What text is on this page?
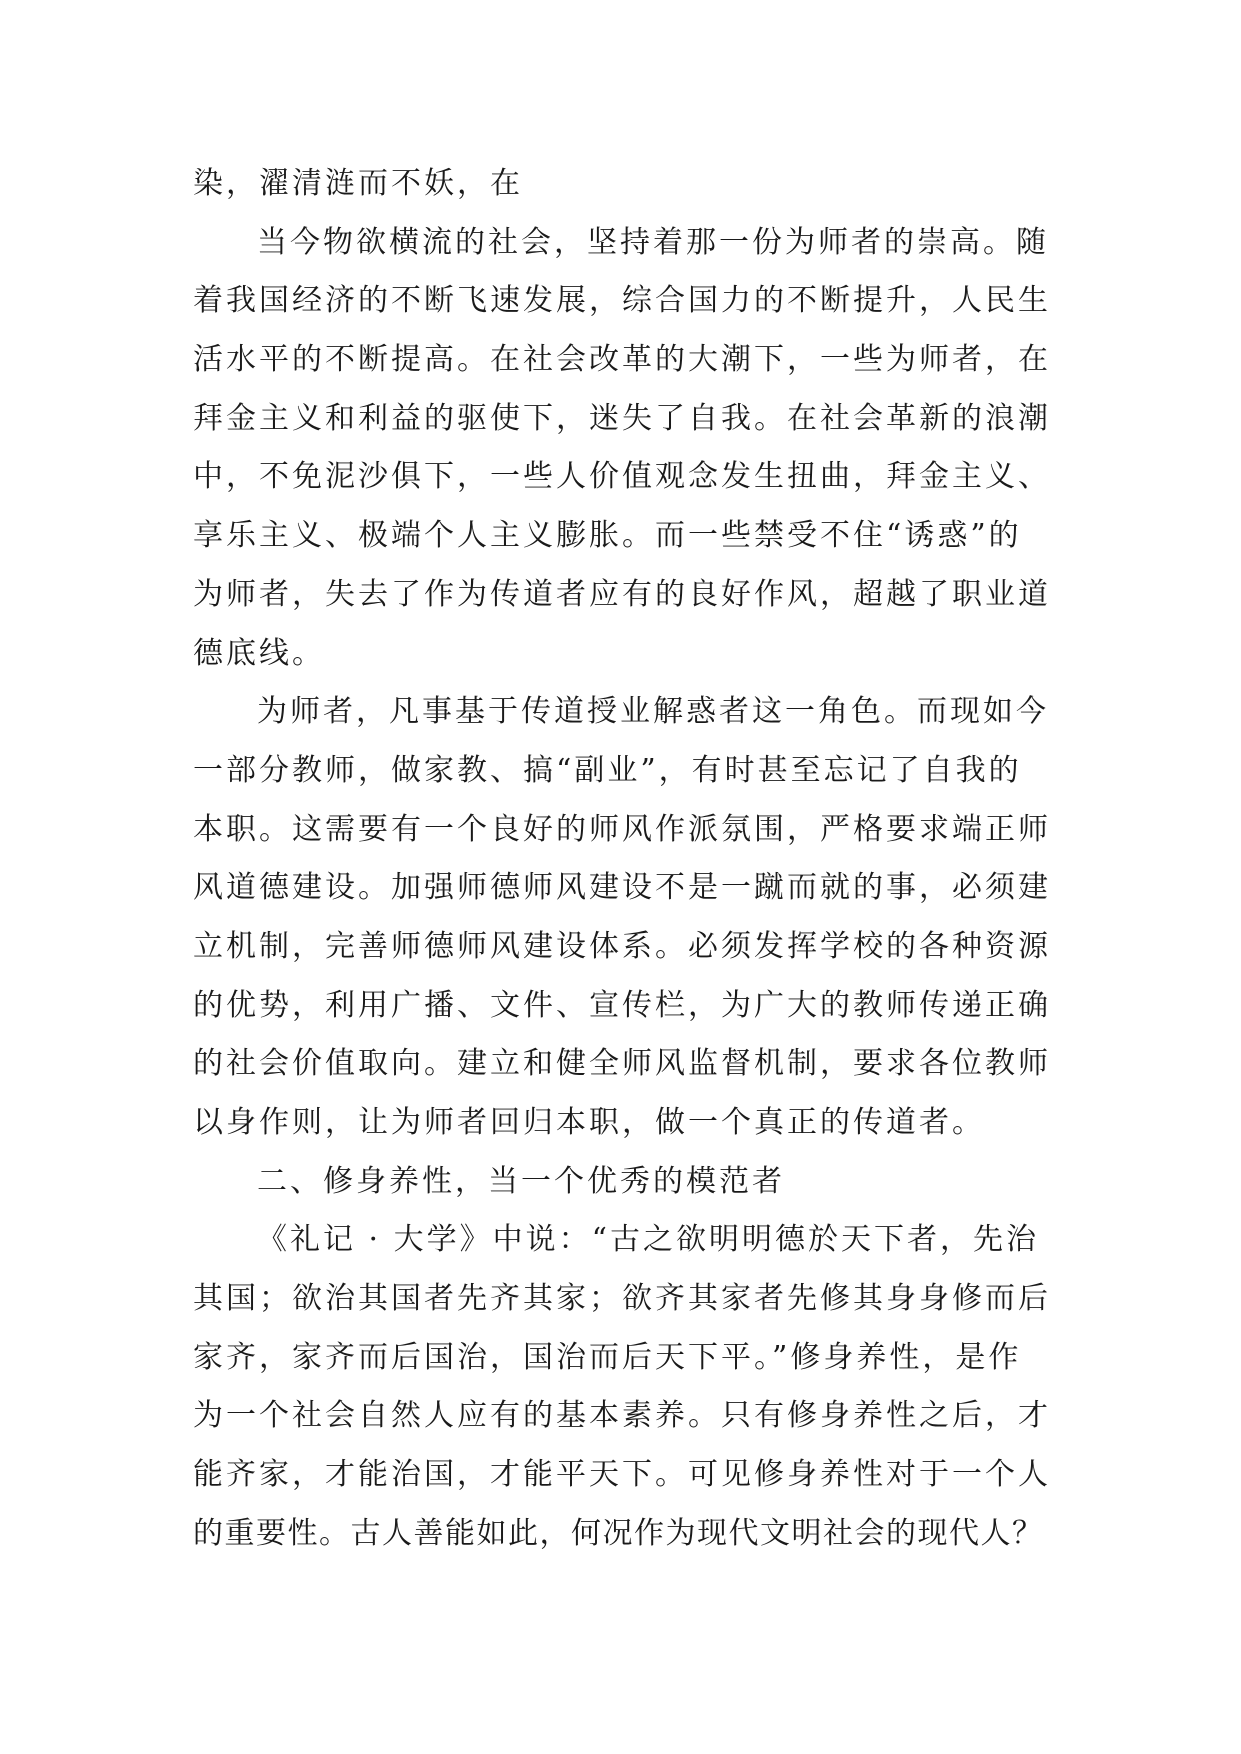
染，濯清涟而不妖，在
当今物欲横流的社会，坚持着那一份为师者的崇高。随
着我国经济的不断飞速发展，综合国力的不断提升，人民生
活水平的不断提高。在社会改革的大潮下，一些为师者，在
拜金主义和利益的驱使下，迷失了自我。在社会革新的浪潮
中，不免泥沙俱下，一些人价值观念发生扭曲，拜金主义、
享乐主义、极端个人主义膨胀。而一些禁受不住“诱惑”的
为师者，失去了作为传道者应有的良好作风，超越了职业道
德底线。
为师者，凡事基于传道授业解惑者这一角色。而现如今
一部分教师，做家教、搞“副业”，有时甚至忘记了自我的
本职。这需要有一个良好的师风作派氛围，严格要求端正师
风道德建设。加强师德师风建设不是一蹴而就的事，必须建
立机制，完善师德师风建设体系。必须发挥学校的各种资源
的优势，利用广播、文件、宣传栏，为广大的教师传递正确
的社会价值取向。建立和健全师风监督机制，要求各位教师
以身作则，让为师者回归本职，做一个真正的传道者。
二、修身养性，当一个优秀的模范者
《礼记 · 大学》中说：“古之欲明明德於天下者，先治
其国；欲治其国者先齐其家；欲齐其家者先修其身身修而后
家齐，家齐而后国治，国治而后天下平。”修身养性，是作
为一个社会自然人应有的基本素养。只有修身养性之后，才
能齐家，才能治国，才能平天下。可见修身养性对于一个人
的重要性。古人善能如此，何况作为现代文明社会的现代人？
